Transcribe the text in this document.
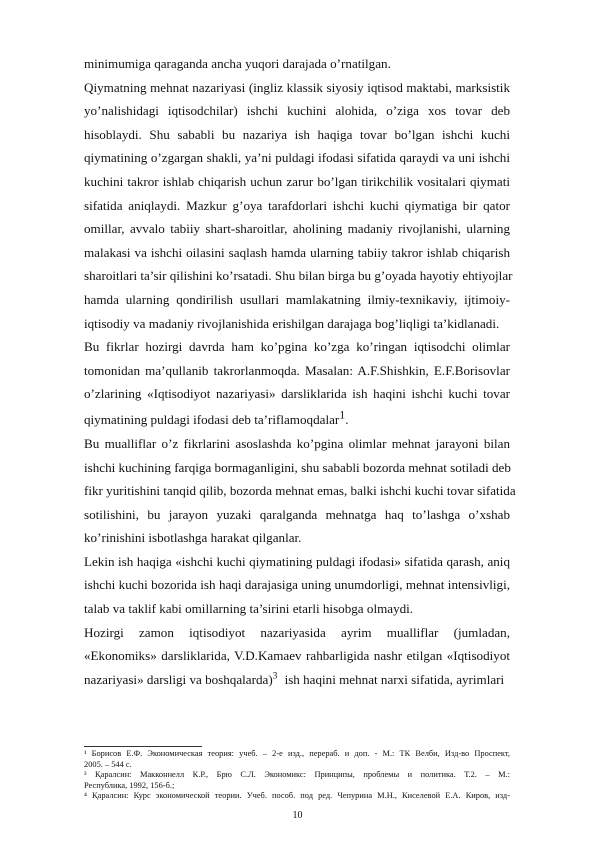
minimumiga qaraganda ancha yuqori darajada o’rnatilgan.
Qiymatning mehnat nazariyasi (ingliz klassik siyosiy iqtisod maktabi, marksistik
yo’nalishidagi iqtisodchilar) ishchi kuchini alohida, o’ziga xos tovar deb
hisoblaydi. Shu sababli bu nazariya ish haqiga tovar bo’lgan ishchi kuchi
qiymatining o’zgargan shakli, ya’ni puldagi ifodasi sifatida qaraydi va uni ishchi
kuchini takror ishlab chiqarish uchun zarur bo’lgan tirikchilik vositalari qiymati
sifatida aniqlaydi. Mazkur g’oya tarafdorlari ishchi kuchi qiymatiga bir qator
omillar, avvalo tabiiy shart-sharoitlar, aholining madaniy rivojlanishi, ularning
malakasi va ishchi oilasini saqlash hamda ularning tabiiy takror ishlab chiqarish
sharoitlari ta’sir qilishini ko’rsatadi. Shu bilan birga bu g’oyada hayotiy ehtiyojlar
hamda ularning qondirilish usullari mamlakatning ilmiy-texnikaviy, ijtimoiy-
iqtisodiy va madaniy rivojlanishida erishilgan darajaga bog’liqligi ta’kidlanadi.
Bu fikrlar hozirgi davrda ham ko’pgina ko’zga ko’ringan iqtisodchi olimlar
tomonidan ma’qullanib takrorlanmoqda. Masalan: A.F.Shishkin, E.F.Borisovlar
o’zlarining «Iqtisodiyot nazariyasi» darsliklarida ish haqini ishchi kuchi tovar
qiymatining puldagi ifodasi deb ta’riflamoqdalar$^1$.
Bu mualliflar o’z fikrlarini asoslashda ko’pgina olimlar mehnat jarayoni bilan
ishchi kuchining farqiga bormaganligini, shu sababli bozorda mehnat sotiladi deb
fikr yuritishini tanqid qilib, bozorda mehnat emas, balki ishchi kuchi tovar sifatida
sotilishini, bu jarayon yuzaki qaralganda mehnatga haq to’lashga o’xshab
ko’rinishini isbotlashga harakat qilganlar.
Lekin ish haqiga «ishchi kuchi qiymatining puldagi ifodasi» sifatida qarash, aniq
ishchi kuchi bozorida ish haqi darajasiga uning unumdorligi, mehnat intensivligi,
talab va taklif kabi omillarning ta’sirini etarli hisobga olmaydi.
Hozirgi zamon iqtisodiyot nazariyasida ayrim mualliflar (jumladan,
«Ekonomiks» darsliklarida, V.D.Kamaev rahbarligida nashr etilgan «Iqtisodiyot
nazariyasi» darsligi va boshqalarda)$^3$ ish haqini mehnat narxi sifatida, ayrimlari
¹ Борисов Е.Ф. Экономическая теория: учеб. – 2-е изд., перераб. и доп. - М.: ТК Велби, Изд-во Проспект,
2005. – 544 с.
³ Қаралсин: Макконнелл К.Р., Брю С.Л. Экономикс: Принципы, проблемы и политика. Т.2. – М.:
Республика, 1992, 156-б.;
⁴ Қаралсин: Курс экономической теории. Учеб. пособ. под ред. Чепурина М.Н., Киселевой Е.А. Киров, изд-
10
